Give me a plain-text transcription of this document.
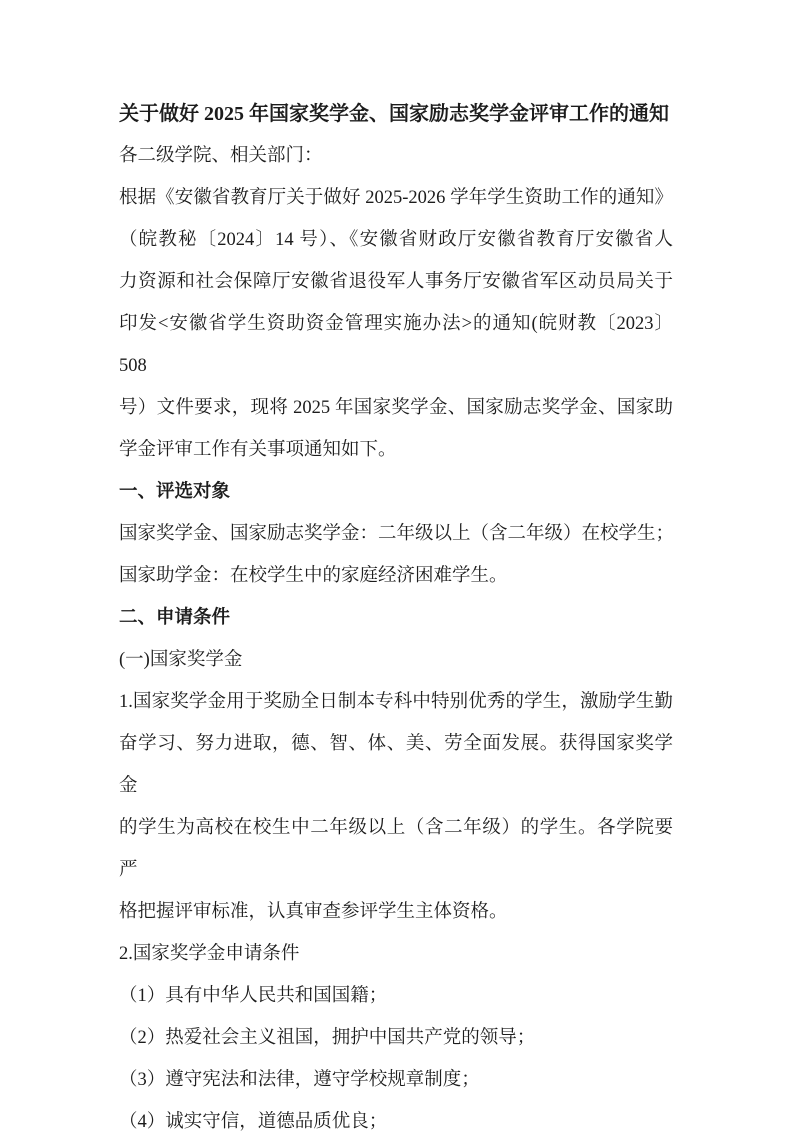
关于做好 2025 年国家奖学金、国家励志奖学金评审工作的通知

各二级学院、相关部门：

根据《安徽省教育厅关于做好 2025-2026 学年学生资助工作的通知》

（皖教秘〔2024〕14 号）、《安徽省财政厅安徽省教育厅安徽省人

力资源和社会保障厅安徽省退役军人事务厅安徽省军区动员局关于

印发<安徽省学生资助资金管理实施办法>的通知(皖财教〔2023〕508

号）文件要求，现将 2025 年国家奖学金、国家励志奖学金、国家助

学金评审工作有关事项通知如下。

一、评选对象

国家奖学金、国家励志奖学金：二年级以上（含二年级）在校学生；

国家助学金：在校学生中的家庭经济困难学生。

二、申请条件

(一)国家奖学金

1.国家奖学金用于奖励全日制本专科中特别优秀的学生，激励学生勤

奋学习、努力进取，德、智、体、美、劳全面发展。获得国家奖学金

的学生为高校在校生中二年级以上（含二年级）的学生。各学院要严

格把握评审标准，认真审查参评学生主体资格。

2.国家奖学金申请条件

（1）具有中华人民共和国国籍；

（2）热爱社会主义祖国，拥护中国共产党的领导；

（3）遵守宪法和法律，遵守学校规章制度；

（4）诚实守信，道德品质优良；
